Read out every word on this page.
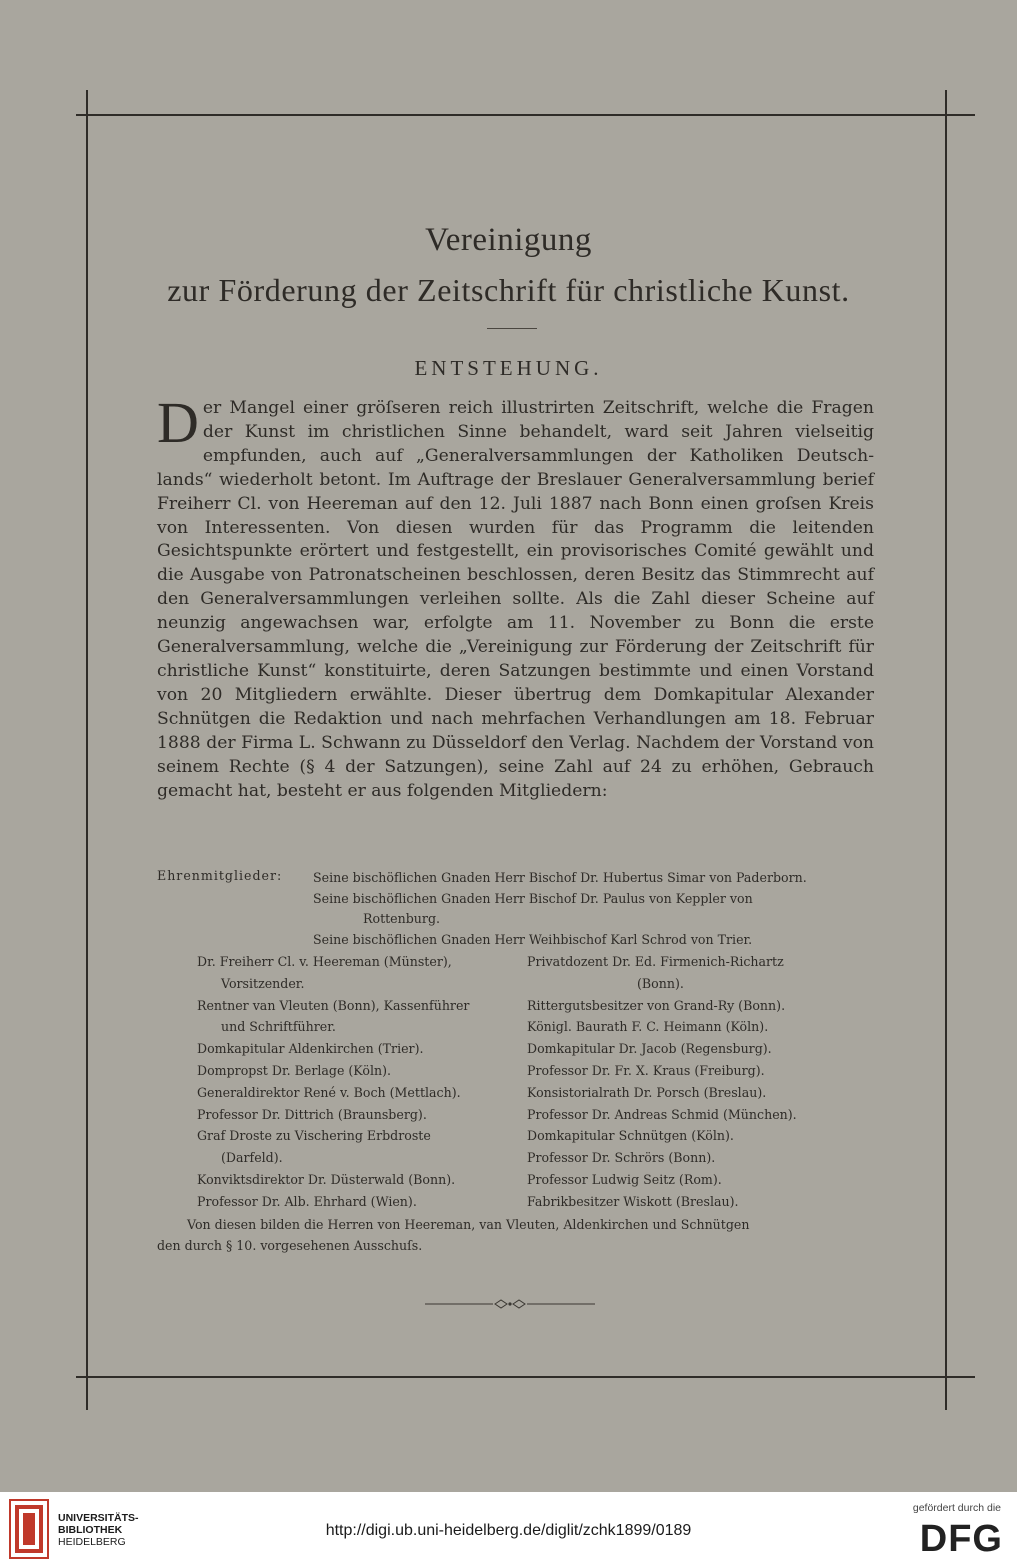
Vereinigung
zur Förderung der Zeitschrift für christliche Kunst.
ENTSTEHUNG.
D er Mangel einer gröſseren reich illustrirten Zeitschrift, welche die Fragen der Kunst im christlichen Sinne behandelt, ward seit Jahren vielseitig empfunden, auch auf „Generalversammlungen der Katholiken Deutsch- lands“ wiederholt betont. Im Auftrage der Breslauer Generalversammlung berief Freiherr Cl. von Heereman auf den 12. Juli 1887 nach Bonn einen groſsen Kreis von Interessenten. Von diesen wurden für das Programm die leitenden Gesichtspunkte erörtert und festgestellt, ein provisorisches Comité gewählt und die Ausgabe von Patronatscheinen beschlossen, deren Besitz das Stimmrecht auf den Generalversammlungen verleihen sollte. Als die Zahl dieser Scheine auf neunzig angewachsen war, erfolgte am 11. November zu Bonn die erste Generalversammlung, welche die „Vereinigung zur Förderung der Zeitschrift für christliche Kunst“ konstituirte, deren Satzungen bestimmte und einen Vorstand von 20 Mitgliedern erwählte. Dieser übertrug dem Domkapitular Alexander Schnütgen die Redaktion und nach mehrfachen Verhandlungen am 18. Februar 1888 der Firma L. Schwann zu Düsseldorf den Verlag. Nachdem der Vorstand von seinem Rechte (§ 4 der Satzungen), seine Zahl auf 24 zu erhöhen, Gebrauch gemacht hat, besteht er aus folgenden Mitgliedern:
Ehrenmitglieder: Seine bischöflichen Gnaden Herr Bischof Dr. Hubertus Simar von Paderborn.
Seine bischöflichen Gnaden Herr Bischof Dr. Paulus von Keppler von
Rottenburg.
Seine bischöflichen Gnaden Herr Weihbischof Karl Schrod von Trier.
Dr. Freiherr Cl. v. Heereman (Münster),
Vorsitzender.
Rentner van Vleuten (Bonn), Kassenführer
und Schriftführer.
Domkapitular Aldenkirchen (Trier).
Dompropst Dr. Berlage (Köln).
Generaldirektor René v. Boch (Mettlach).
Professor Dr. Dittrich (Braunsberg).
Graf Droste zu Vischering Erbdroste
(Darfeld).
Konviktsdirektor Dr. Düsterwald (Bonn).
Professor Dr. Alb. Ehrhard (Wien).
Privatdozent Dr. Ed. Firmenich-Richartz
(Bonn).
Rittergutsbesitzer von Grand-Ry (Bonn).
Königl. Baurath F. C. Heimann (Köln).
Domkapitular Dr. Jacob (Regensburg).
Professor Dr. Fr. X. Kraus (Freiburg).
Konsistorialrath Dr. Porsch (Breslau).
Professor Dr. Andreas Schmid (München).
Domkapitular Schnütgen (Köln).
Professor Dr. Schrörs (Bonn).
Professor Ludwig Seitz (Rom).
Fabrikbesitzer Wiskott (Breslau).
Von diesen bilden die Herren von Heereman, van Vleuten, Aldenkirchen und Schnütgen
den durch § 10. vorgesehenen Ausschuſs.
UNIVERSITÄTS-
BIBLIOTHEK
HEIDELBERG
http://digi.ub.uni-heidelberg.de/diglit/zchk1899/0189
gefördert durch die
DFG
